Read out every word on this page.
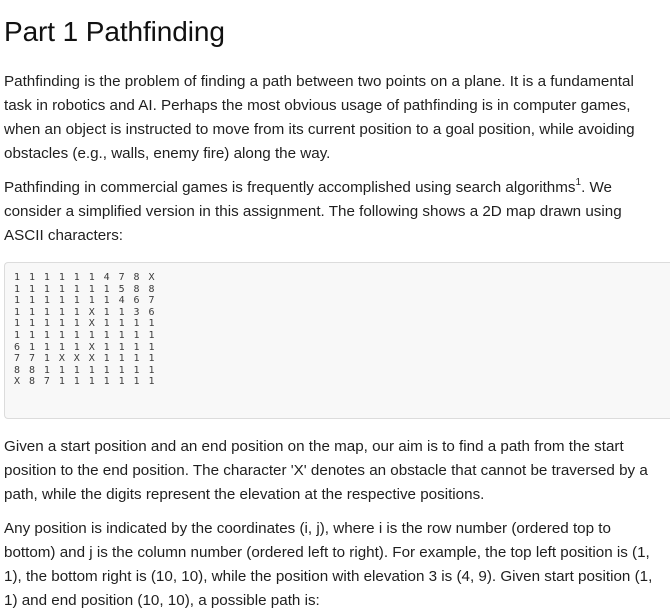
Part 1 Pathfinding

Pathfinding is the problem of finding a path between two points on a plane. It is a fundamental task in robotics and AI. Perhaps the most obvious usage of pathfinding is in computer games, when an object is instructed to move from its current position to a goal position, while avoiding obstacles (e.g., walls, enemy fire) along the way.

Pathfinding in commercial games is frequently accomplished using search algorithms$^1$. We consider a simplified version in this assignment. The following shows a 2D map drawn using ASCII characters:

1 1 1 1 1 1 4 7 8 X
1 1 1 1 1 1 1 5 8 8
1 1 1 1 1 1 1 4 6 7
1 1 1 1 1 X 1 1 3 6
1 1 1 1 1 X 1 1 1 1
1 1 1 1 1 1 1 1 1 1
6 1 1 1 1 X 1 1 1 1
7 7 1 X X X 1 1 1 1
8 8 1 1 1 1 1 1 1 1
X 8 7 1 1 1 1 1 1 1

Given a start position and an end position on the map, our aim is to find a path from the start position to the end position. The character 'X' denotes an obstacle that cannot be traversed by a path, while the digits represent the elevation at the respective positions.

Any position is indicated by the coordinates (i, j), where i is the row number (ordered top to bottom) and j is the column number (ordered left to right). For example, the top left position is (1, 1), the bottom right is (10, 10), while the position with elevation 3 is (4, 9). Given start position (1, 1) and end position (10, 10), a possible path is:
